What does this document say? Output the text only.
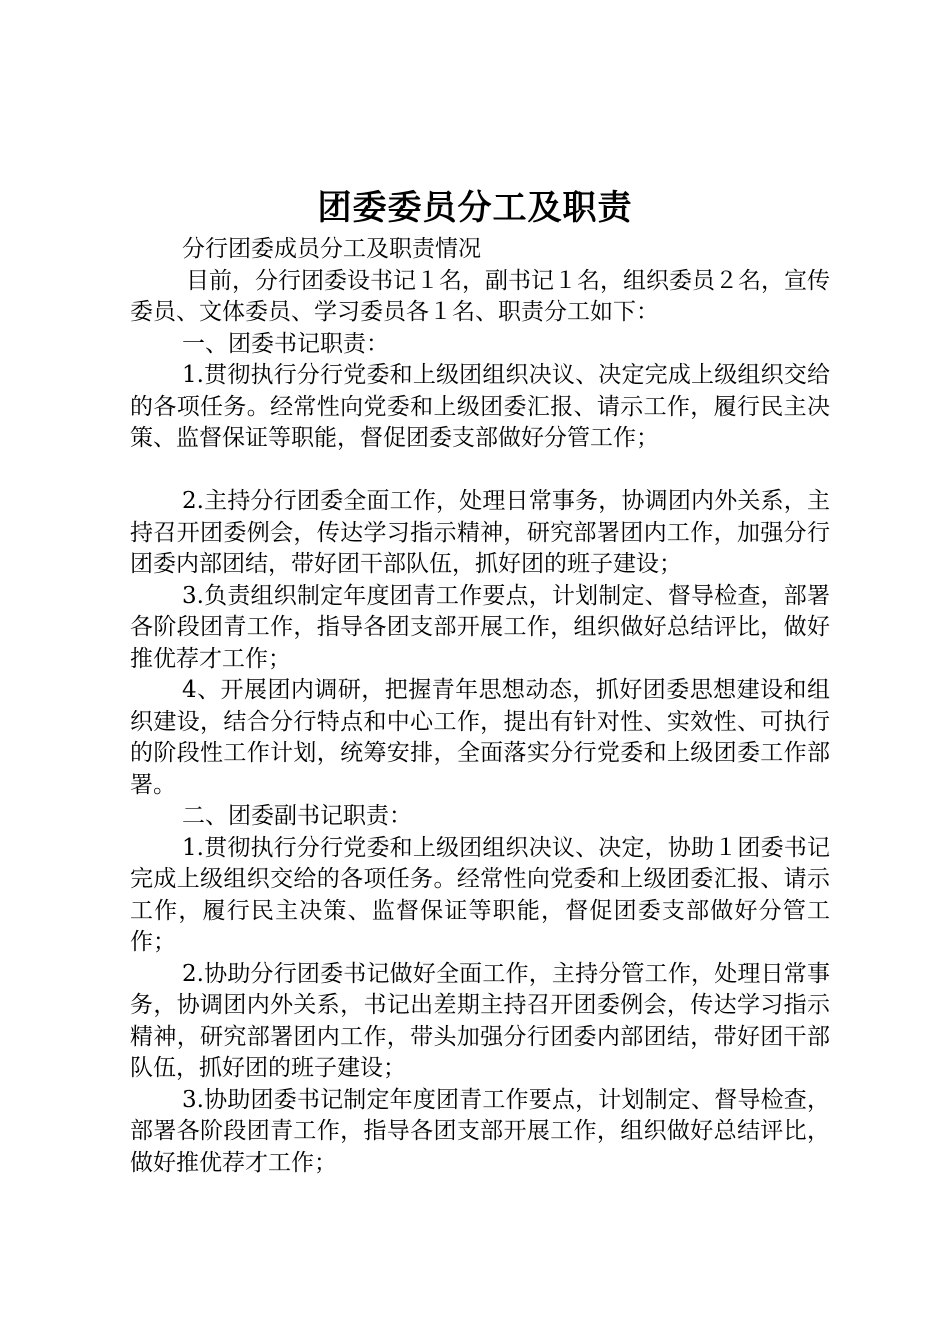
团委委员分工及职责

分行团委成员分工及职责情况

目前，分行团委设书记１名，副书记１名，组织委员２名，宣传委员、文体委员、学习委员各１名、职责分工如下：

一、团委书记职责：

1.贯彻执行分行党委和上级团组织决议、决定完成上级组织交给的各项任务。经常性向党委和上级团委汇报、请示工作，履行民主决策、监督保证等职能，督促团委支部做好分管工作；

2.主持分行团委全面工作，处理日常事务，协调团内外关系，主持召开团委例会，传达学习指示精神，研究部署团内工作，加强分行团委内部团结，带好团干部队伍，抓好团的班子建设；

3.负责组织制定年度团青工作要点，计划制定、督导检查，部署各阶段团青工作，指导各团支部开展工作，组织做好总结评比，做好推优荐才工作；

4、开展团内调研，把握青年思想动态，抓好团委思想建设和组织建设，结合分行特点和中心工作，提出有针对性、实效性、可执行的阶段性工作计划，统筹安排，全面落实分行党委和上级团委工作部署。

二、团委副书记职责：

1.贯彻执行分行党委和上级团组织决议、决定，协助１团委书记完成上级组织交给的各项任务。经常性向党委和上级团委汇报、请示工作，履行民主决策、监督保证等职能，督促团委支部做好分管工作；

2.协助分行团委书记做好全面工作，主持分管工作，处理日常事务，协调团内外关系，书记出差期主持召开团委例会，传达学习指示精神，研究部署团内工作，带头加强分行团委内部团结，带好团干部队伍，抓好团的班子建设；

3.协助团委书记制定年度团青工作要点，计划制定、督导检查，部署各阶段团青工作，指导各团支部开展工作，组织做好总结评比，做好推优荐才工作；
